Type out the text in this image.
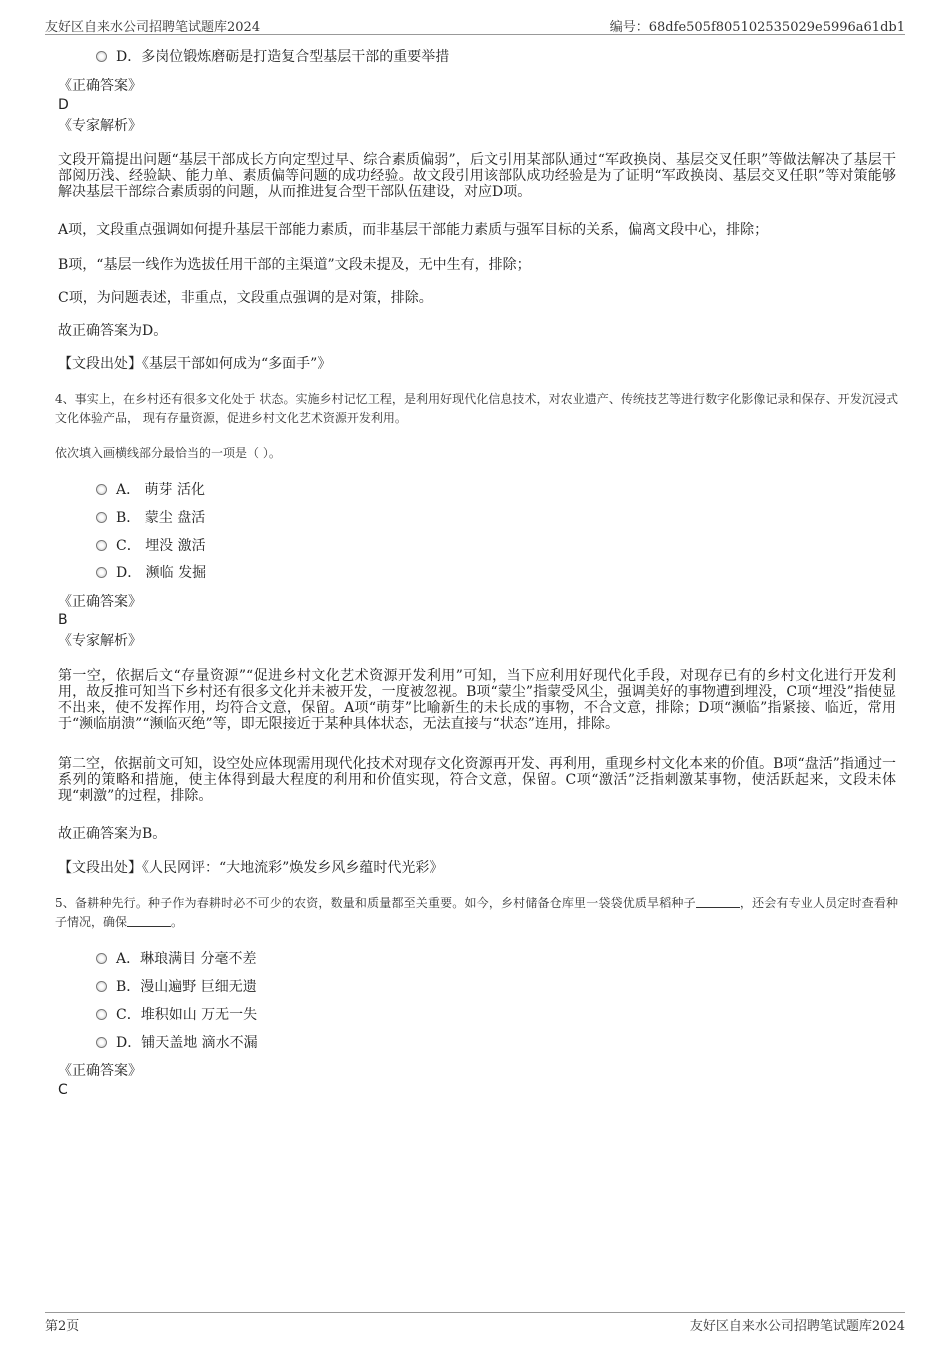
友好区自来水公司招聘笔试题库2024	编号：68dfe505f805102535029e5996a61db1
D．多岗位锻炼磨砺是打造复合型基层干部的重要举措
《正确答案》
D
《专家解析》

文段开篇提出问题“基层干部成长方向定型过早、综合素质偏弱”，后文引用某部队通过“军政换岗、基层交叉任职”等做法解决了基层干部阅历浅、经验缺、能力单、素质偏等问题的成功经验。故文段引用该部队成功经验是为了证明“军政换岗、基层交叉任职”等对策能够解决基层干部综合素质弱的问题，从而推进复合型干部队伍建设，对应D项。

A项，文段重点强调如何提升基层干部能力素质，而非基层干部能力素质与强军目标的关系，偏离文段中心，排除；

B项，“基层一线作为选拔任用干部的主渠道”文段未提及，无中生有，排除；

C项，为问题表述，非重点，文段重点强调的是对策，排除。

故正确答案为D。

【文段出处】《基层干部如何成为“多面手”》

4、事实上，在乡村还有很多文化处于 状态。实施乡村记忆工程，是利用好现代化信息技术，对农业遗产、传统技艺等进行数字化影像记录和保存、开发沉浸式文化体验产品， 现有存量资源，促进乡村文化艺术资源开发利用。

依次填入画横线部分最恰当的一项是（ ）。

A． 萌芽 活化
B． 蒙尘 盘活
C． 埋没 激活
D． 濒临 发掘
《正确答案》
B
《专家解析》

第一空，依据后文“存量资源”“促进乡村文化艺术资源开发利用”可知，当下应利用好现代化手段，对现存已有的乡村文化进行开发利用，故反推可知当下乡村还有很多文化并未被开发，一度被忽视。B项“蒙尘”指蒙受风尘，强调美好的事物遭到埋没，C项“埋没”指使显不出来，使不发挥作用，均符合文意，保留。A项“萌芽”比喻新生的未长成的事物，不合文意，排除；D项“濒临”指紧接、临近，常用于“濒临崩溃”“濒临灭绝”等，即无限接近于某种具体状态，无法直接与“状态”连用，排除。

第二空，依据前文可知，设空处应体现需用现代化技术对现存文化资源再开发、再利用，重现乡村文化本来的价值。B项“盘活”指通过一系列的策略和措施，使主体得到最大程度的利用和价值实现，符合文意，保留。C项“激活”泛指刺激某事物，使活跃起来，文段未体现“刺激”的过程，排除。

故正确答案为B。

【文段出处】《人民网评：“大地流彩”焕发乡风乡蕴时代光彩》

5、备耕种先行。种子作为春耕时必不可少的农资，数量和质量都至关重要。如今，乡村储备仓库里一袋袋优质旱稻种子	，还会有专业人员定时查看种子情况，确保	。

A．琳琅满目 分毫不差
B．漫山遍野 巨细无遗
C．堆积如山 万无一失
D．铺天盖地 滴水不漏
《正确答案》
C
第2页	友好区自来水公司招聘笔试题库2024
